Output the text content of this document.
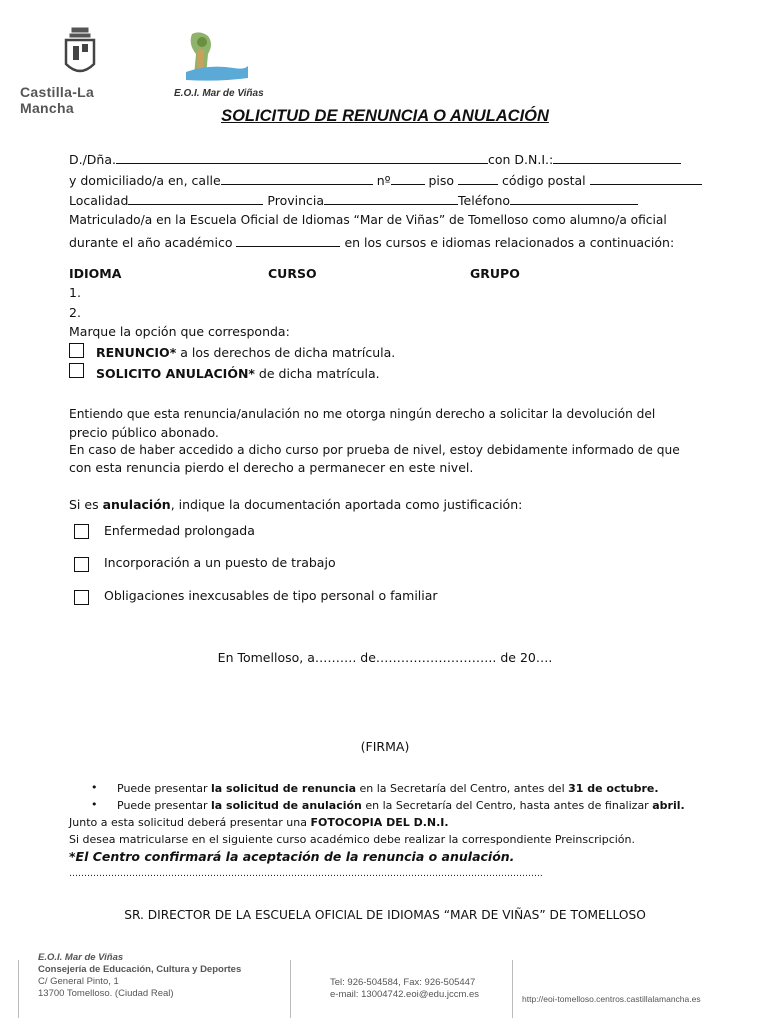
Castilla-La Mancha
E.O.I. Mar de Viñas
SOLICITUD DE RENUNCIA O ANULACIÓN
D./Dña.	con D.N.I.:
y domiciliado/a en, calle	nº	piso	código postal
Localidad	Provincia	Teléfono
Matriculado/a en la Escuela Oficial de Idiomas “Mar de Viñas” de Tomelloso como alumno/a oficial
durante el año académico	en los cursos e idiomas relacionados a continuación:
IDIOMA	CURSO	GRUPO
1.
2.
Marque la opción que corresponda:
RENUNCIO* a los derechos de dicha matrícula.
SOLICITO ANULACIÓN* de dicha matrícula.
Entiendo que esta renuncia/anulación no me otorga ningún derecho a solicitar la devolución del
precio público abonado.
En caso de haber accedido a dicho curso por prueba de nivel, estoy debidamente informado de que
con esta renuncia pierdo el derecho a permanecer en este nivel.
Si es anulación, indique la documentación aportada como justificación:
Enfermedad prolongada
Incorporación a un puesto de trabajo
Obligaciones inexcusables de tipo personal o familiar
En Tomelloso, a………. de……………………….. de 20….
(FIRMA)
• Puede presentar la solicitud de renuncia en la Secretaría del Centro, antes del 31 de octubre.
• Puede presentar la solicitud de anulación en la Secretaría del Centro, hasta antes de finalizar abril.
Junto a esta solicitud deberá presentar una FOTOCOPIA DEL D.N.I.
Si desea matricularse en el siguiente curso académico debe realizar la correspondiente Preinscripción.
*El Centro confirmará la aceptación de la renuncia o anulación.
…………………………………………………………………………………………………………………………………………..
SR. DIRECTOR DE LA ESCUELA OFICIAL DE IDIOMAS “MAR DE VIÑAS” DE TOMELLOSO
E.O.I. Mar de Viñas
Consejería de Educación, Cultura y Deportes
C/ General Pinto, 1
13700 Tomelloso. (Ciudad Real)
Tel: 926-504584, Fax: 926-505447
e-mail: 13004742.eoi@edu.jccm.es	http://eoi-tomelloso.centros.castillalamancha.es
